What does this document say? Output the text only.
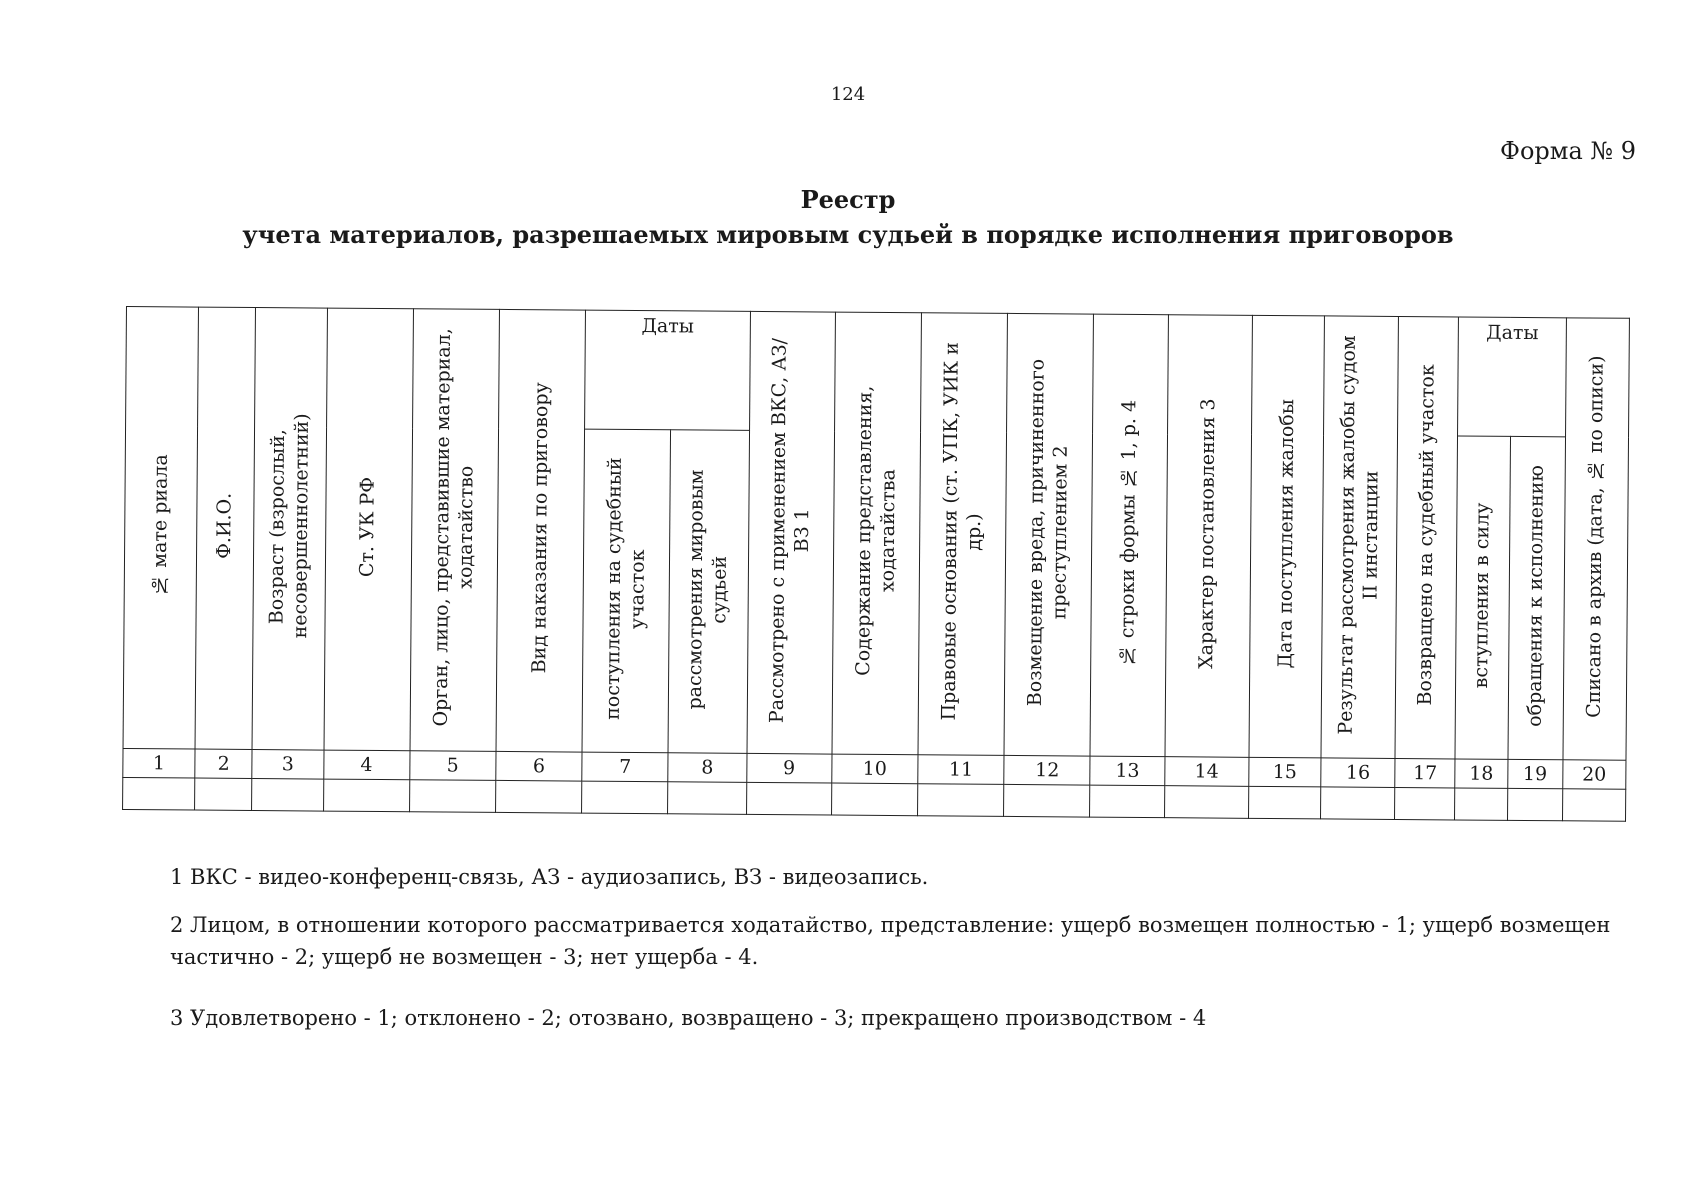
124
Форма № 9
Реестр
учета материалов, разрешаемых мировым судьей в порядке исполнения приговоров
№ мате риала	Ф.И.О.	Возраст (взрослый, несовершеннолетний)	Ст. УК РФ	Орган, лицо, представившие материал, ходатайство	Вид наказания по приговору	Даты		Рассмотрено с применением ВКС, АЗ/ВЗ 1	Содержание представления, ходатайства	Правовые основания (ст. УПК, УИК и др.)	Возмещение вреда, причиненного преступлением 2	№ строки формы № 1, р. 4	Характер постановления 3	Дата поступления жалобы	Результат рассмотрения жалобы судом II инстанции	Возвращено на судебный участок	Даты		Списано в архив (дата, № по описи)
						поступления на судебный участок	рассмотрения мировым судьей										вступления в силу	обращения к исполнению	
1	2	3	4	5	6	7	8	9	10	11	12	13	14	15	16	17	18	19	20

1 ВКС - видео-конференц-связь, АЗ - аудиозапись, ВЗ - видеозапись.
2 Лицом, в отношении которого рассматривается ходатайство, представление: ущерб возмещен полностью - 1; ущерб возмещен частично - 2; ущерб не возмещен - 3; нет ущерба - 4.
3 Удовлетворено - 1; отклонено - 2; отозвано, возвращено - 3; прекращено производством - 4
